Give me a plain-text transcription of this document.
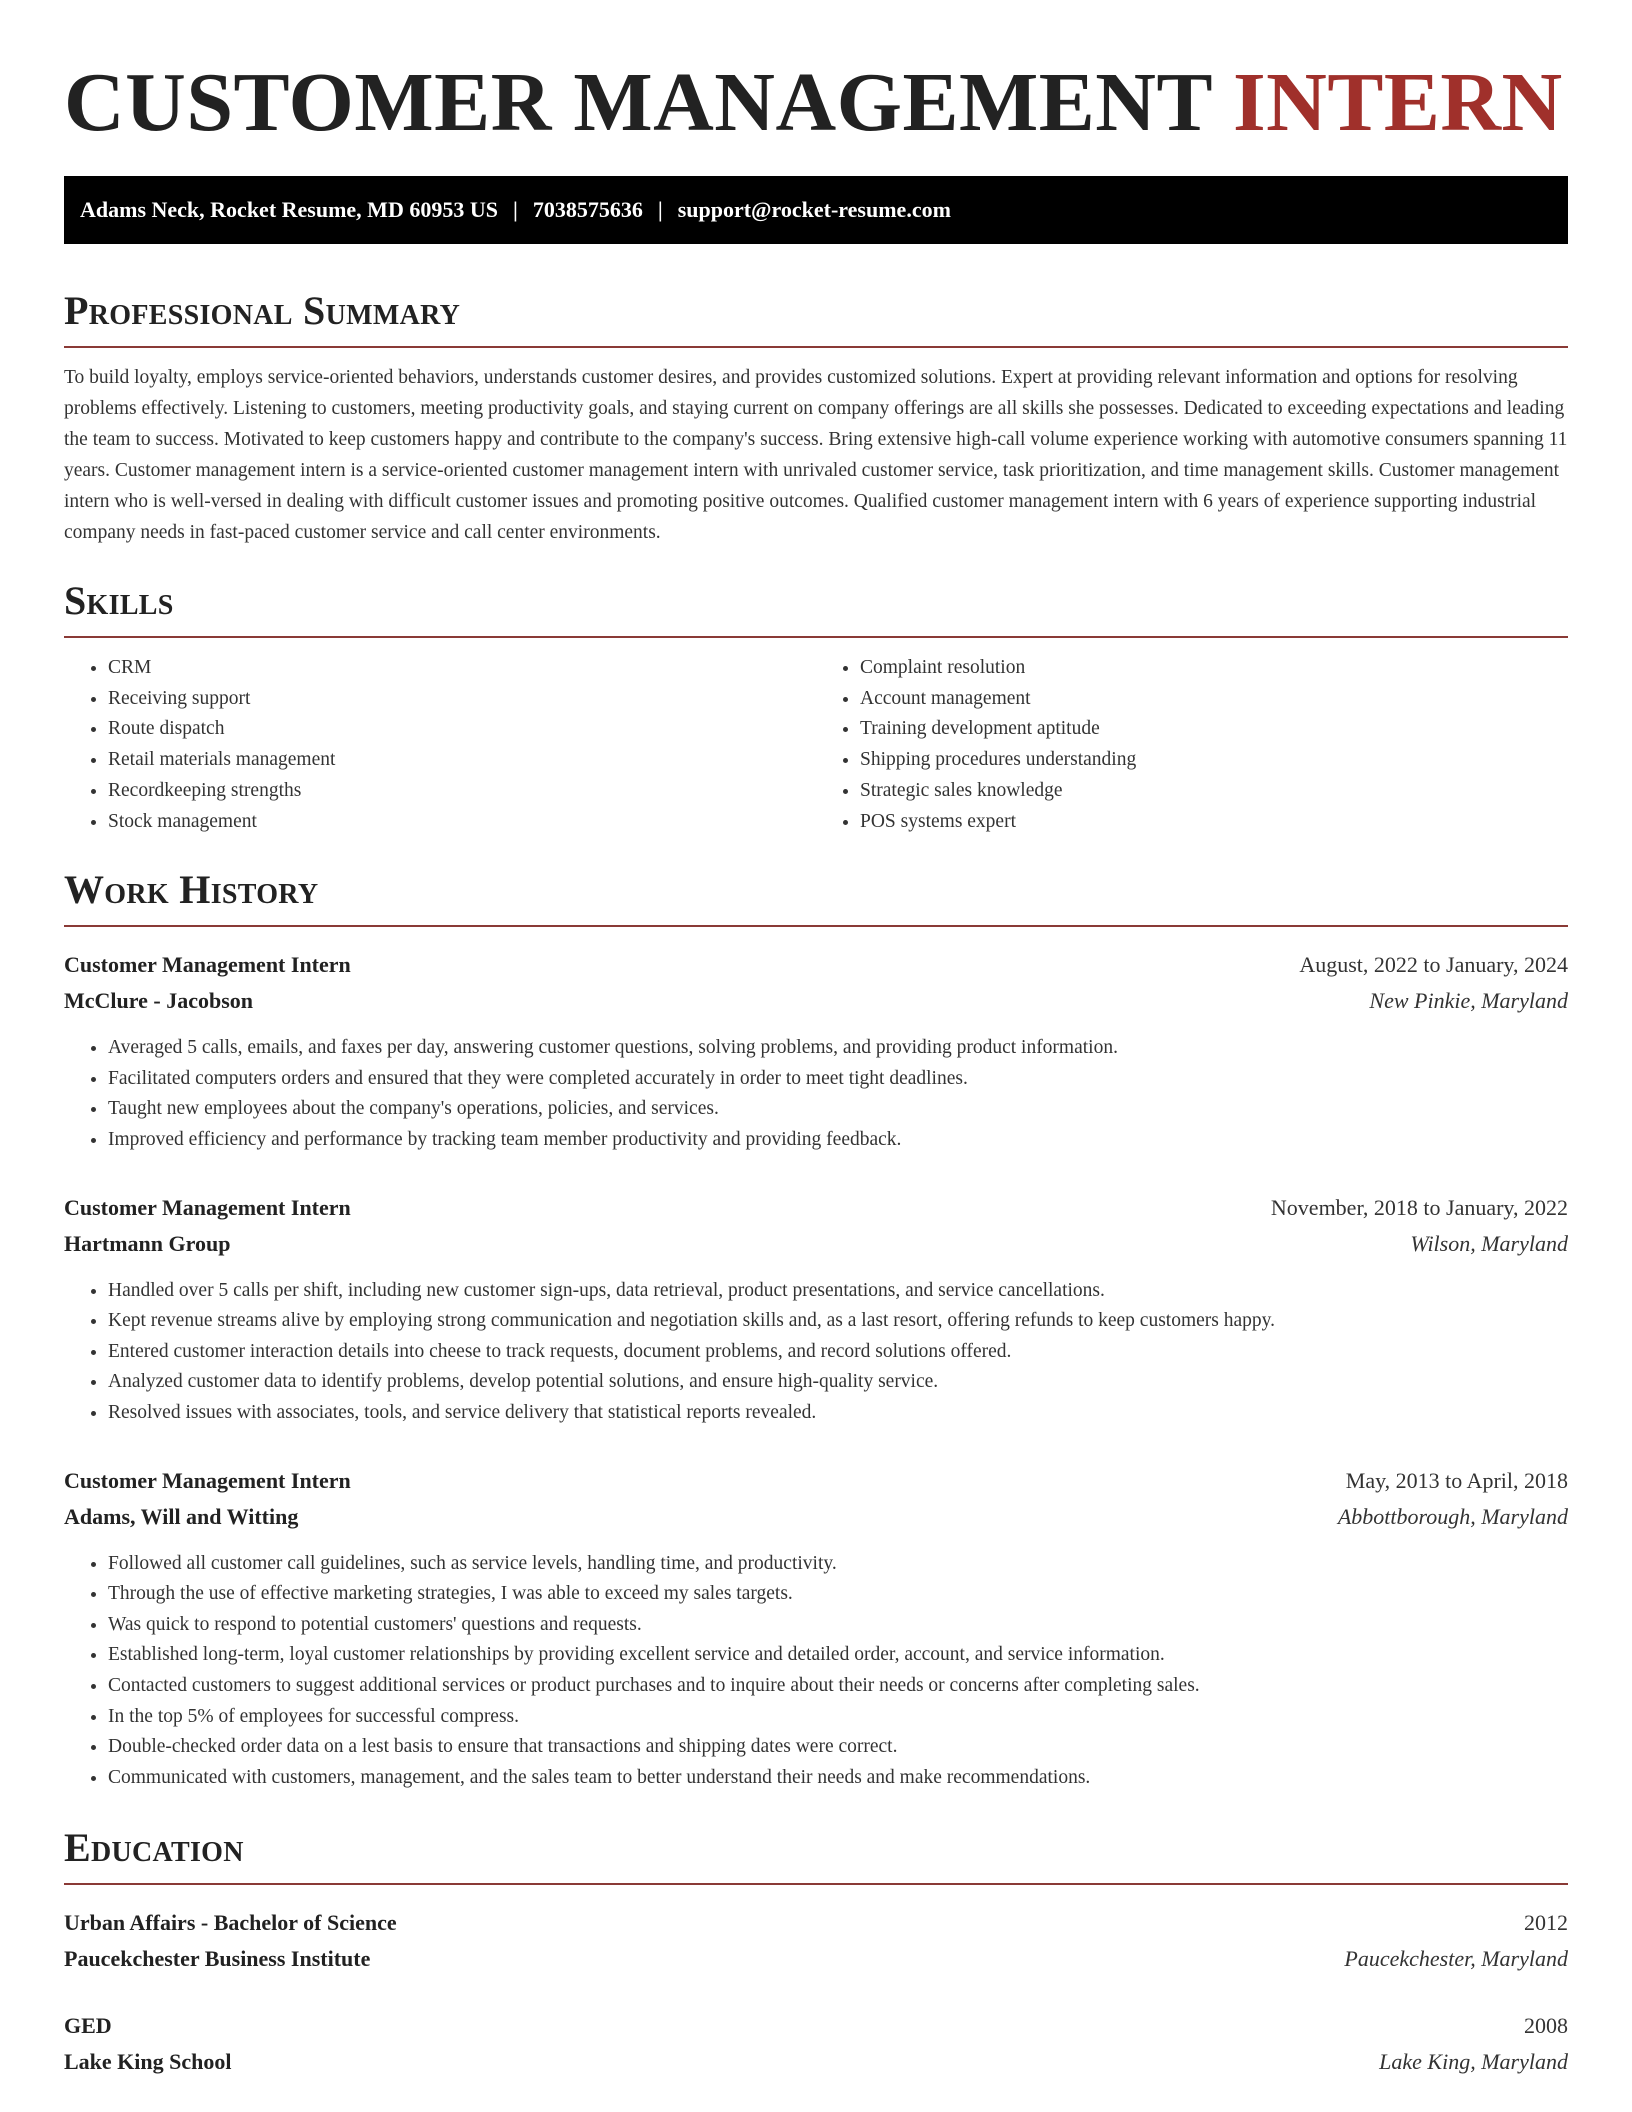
CUSTOMER MANAGEMENT INTERN
Adams Neck, Rocket Resume, MD 60953 US | 7038575636 | support@rocket-resume.com
Professional Summary

To build loyalty, employs service-oriented behaviors, understands customer desires, and provides customized solutions. Expert at providing relevant information and options for resolving problems effectively. Listening to customers, meeting productivity goals, and staying current on company offerings are all skills she possesses. Dedicated to exceeding expectations and leading the team to success. Motivated to keep customers happy and contribute to the company's success. Bring extensive high-call volume experience working with automotive consumers spanning 11 years. Customer management intern is a service-oriented customer management intern with unrivaled customer service, task prioritization, and time management skills. Customer management intern who is well-versed in dealing with difficult customer issues and promoting positive outcomes. Qualified customer management intern with 6 years of experience supporting industrial company needs in fast-paced customer service and call center environments.

Skills
• CRM
• Receiving support
• Route dispatch
• Retail materials management
• Recordkeeping strengths
• Stock management
• Complaint resolution
• Account management
• Training development aptitude
• Shipping procedures understanding
• Strategic sales knowledge
• POS systems expert
Work History
Customer Management Intern	August, 2022 to January, 2024
McClure - Jacobson	New Pinkie, Maryland
• Averaged 5 calls, emails, and faxes per day, answering customer questions, solving problems, and providing product information.
• Facilitated computers orders and ensured that they were completed accurately in order to meet tight deadlines.
• Taught new employees about the company's operations, policies, and services.
• Improved efficiency and performance by tracking team member productivity and providing feedback.
Customer Management Intern	November, 2018 to January, 2022
Hartmann Group	Wilson, Maryland
• Handled over 5 calls per shift, including new customer sign-ups, data retrieval, product presentations, and service cancellations.
• Kept revenue streams alive by employing strong communication and negotiation skills and, as a last resort, offering refunds to keep customers happy.
• Entered customer interaction details into cheese to track requests, document problems, and record solutions offered.
• Analyzed customer data to identify problems, develop potential solutions, and ensure high-quality service.
• Resolved issues with associates, tools, and service delivery that statistical reports revealed.
Customer Management Intern	May, 2013 to April, 2018
Adams, Will and Witting	Abbottborough, Maryland
• Followed all customer call guidelines, such as service levels, handling time, and productivity.
• Through the use of effective marketing strategies, I was able to exceed my sales targets.
• Was quick to respond to potential customers' questions and requests.
• Established long-term, loyal customer relationships by providing excellent service and detailed order, account, and service information.
• Contacted customers to suggest additional services or product purchases and to inquire about their needs or concerns after completing sales.
• In the top 5% of employees for successful compress.
• Double-checked order data on a lest basis to ensure that transactions and shipping dates were correct.
• Communicated with customers, management, and the sales team to better understand their needs and make recommendations.
Education
Urban Affairs - Bachelor of Science	2012
Paucekchester Business Institute	Paucekchester, Maryland
GED	2008
Lake King School	Lake King, Maryland
